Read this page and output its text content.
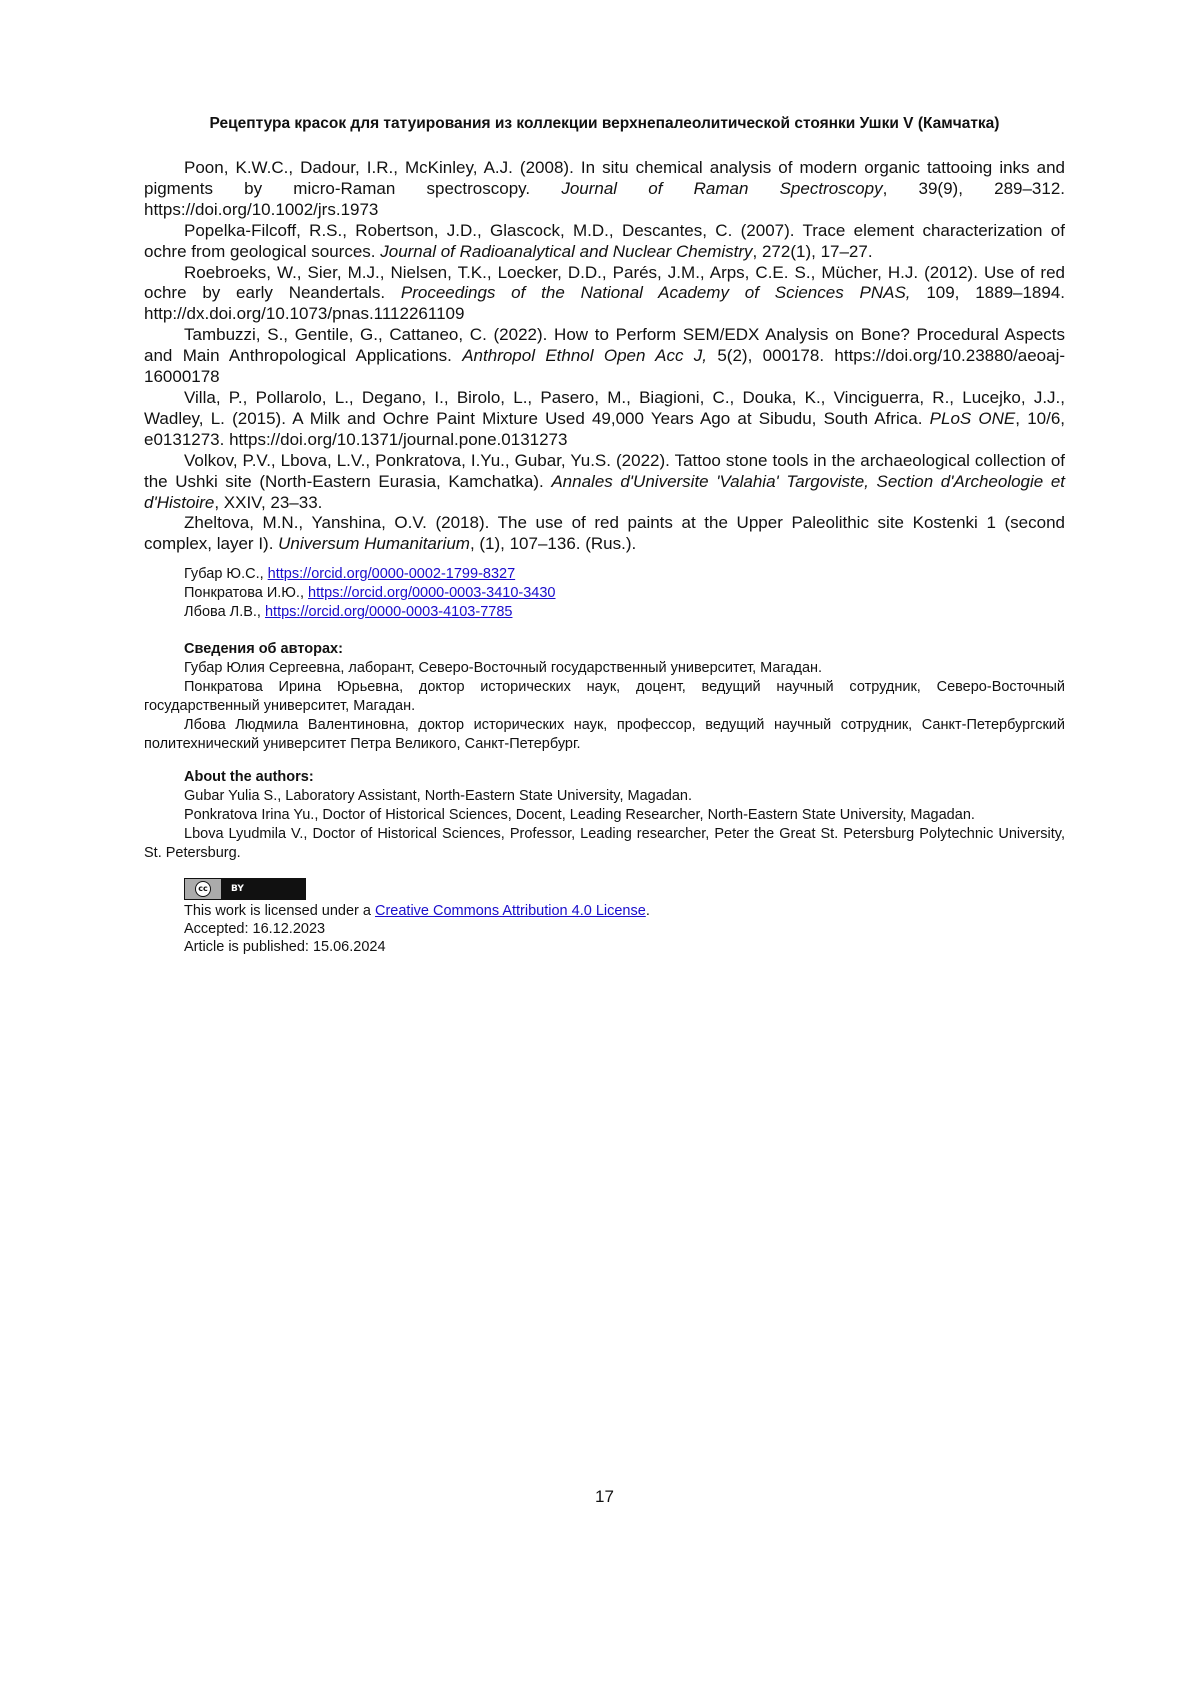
Рецептура красок для татуирования из коллекции верхнепалеолитической стоянки Ушки V (Камчатка)

Poon, K.W.C., Dadour, I.R., McKinley, A.J. (2008). In situ chemical analysis of modern organic tattooing inks and pigments by micro-Raman spectroscopy. Journal of Raman Spectroscopy, 39(9), 289–312. https://doi.org/10.1002/jrs.1973

Popelka-Filcoff, R.S., Robertson, J.D., Glascock, M.D., Descantes, C. (2007). Trace element characterization of ochre from geological sources. Journal of Radioanalytical and Nuclear Chemistry, 272(1), 17–27.

Roebroeks, W., Sier, M.J., Nielsen, T.K., Loecker, D.D., Parés, J.M., Arps, C.E. S., Mücher, H.J. (2012). Use of red ochre by early Neandertals. Proceedings of the National Academy of Sciences PNAS, 109, 1889–1894. http://dx.doi.org/10.1073/pnas.1112261109

Tambuzzi, S., Gentile, G., Cattaneo, C. (2022). How to Perform SEM/EDX Analysis on Bone? Procedural Aspects and Main Anthropological Applications. Anthropol Ethnol Open Acc J, 5(2), 000178. https://doi.org/10.23880/aeoaj-16000178

Villa, P., Pollarolo, L., Degano, I., Birolo, L., Pasero, M., Biagioni, C., Douka, K., Vinciguerra, R., Lucejko, J.J., Wadley, L. (2015). A Milk and Ochre Paint Mixture Used 49,000 Years Ago at Sibudu, South Africa. PLoS ONE, 10/6, e0131273. https://doi.org/10.1371/journal.pone.0131273

Volkov, P.V., Lbova, L.V., Ponkratova, I.Yu., Gubar, Yu.S. (2022). Tattoo stone tools in the archaeological collection of the Ushki site (North-Eastern Eurasia, Kamchatka). Annales d'Universite 'Valahia' Targoviste, Section d'Archeologie et d'Histoire, XXIV, 23–33.

Zheltova, M.N., Yanshina, O.V. (2018). The use of red paints at the Upper Paleolithic site Kostenki 1 (second complex, layer I). Universum Humanitarium, (1), 107–136. (Rus.).

Губар Ю.С., https://orcid.org/0000-0002-1799-8327
Понкратова И.Ю., https://orcid.org/0000-0003-3410-3430
Лбова Л.В., https://orcid.org/0000-0003-4103-7785
Сведения об авторах:

Губар Юлия Сергеевна, лаборант, Северо-Восточный государственный университет, Магадан.

Понкратова Ирина Юрьевна, доктор исторических наук, доцент, ведущий научный сотрудник, Северо-Восточный государственный университет, Магадан.

Лбова Людмила Валентиновна, доктор исторических наук, профессор, ведущий научный сотрудник, Санкт-Петербургский политехнический университет Петра Великого, Санкт-Петербург.

About the authors:

Gubar Yulia S., Laboratory Assistant, North-Eastern State University, Magadan.

Ponkratova Irina Yu., Doctor of Historical Sciences, Docent, Leading Researcher, North-Eastern State University, Magadan.

Lbova Lyudmila V., Doctor of Historical Sciences, Professor, Leading researcher, Peter the Great St. Petersburg Polytechnic University, St. Petersburg.

cc	BY
This work is licensed under a Creative Commons Attribution 4.0 License.
Accepted: 16.12.2023
Article is published: 15.06.2024
17
